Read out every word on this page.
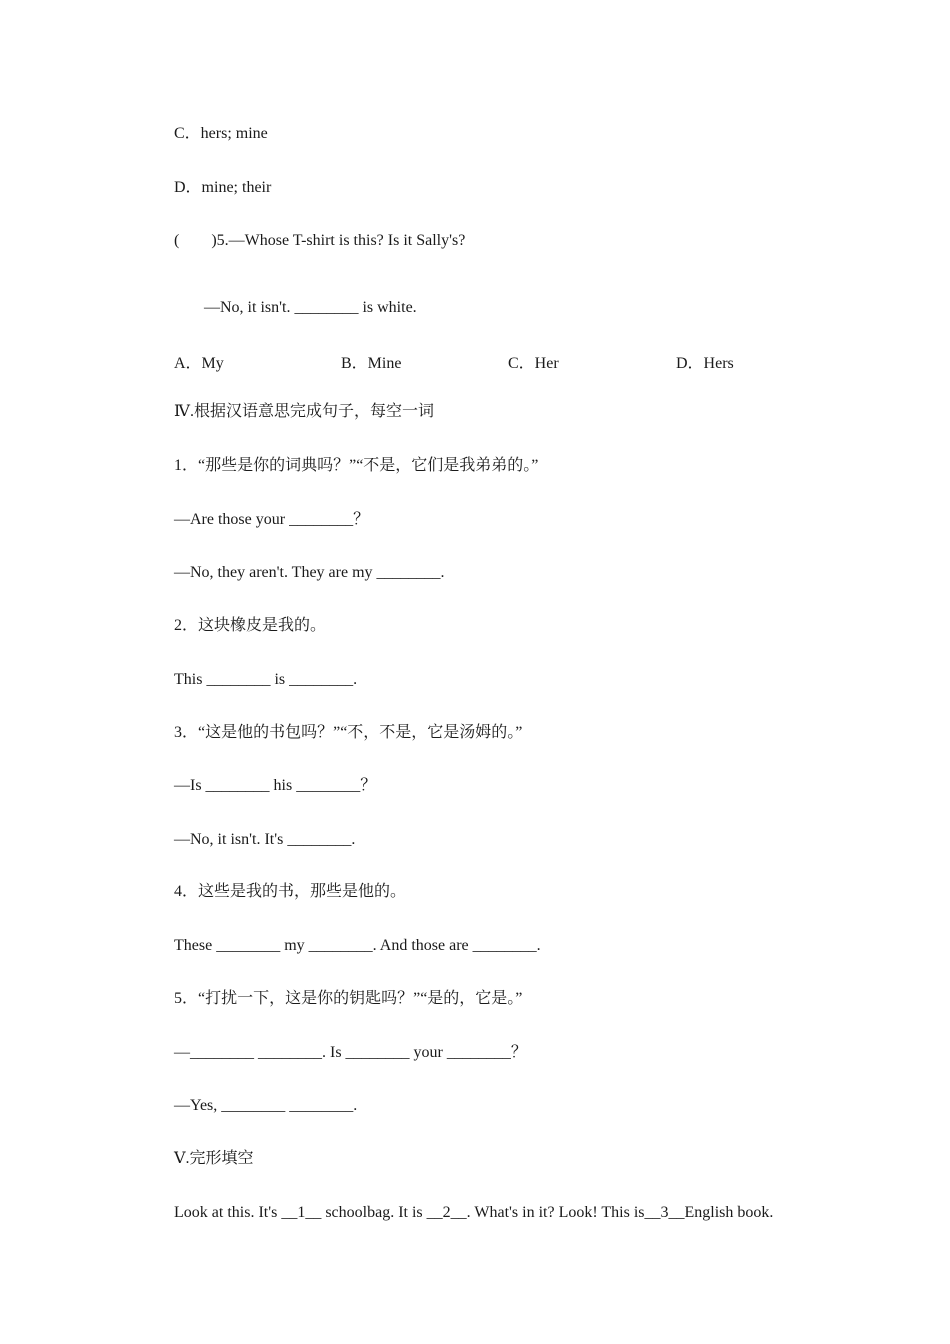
C．hers; mine
D．mine; their
(　　)5.—Whose T-shirt is this? Is it Sally's?
—No, it isn't. ________ is white.
A．My	B．Mine	C．Her	D．Hers
Ⅳ.根据汉语意思完成句子，每空一词
1．“那些是你的词典吗？”“不是，它们是我弟弟的。”
—Are those your ________？
—No, they aren't. They are my ________.
2．这块橡皮是我的。
This ________ is ________.
3．“这是他的书包吗？”“不，不是，它是汤姆的。”
—Is ________ his ________？
—No, it isn't. It's ________.
4．这些是我的书，那些是他的。
These ________ my ________. And those are ________.
5．“打扰一下，这是你的钥匙吗？”“是的，它是。”
—________ ________. Is ________ your ________？
—Yes, ________ ________.
Ⅴ.完形填空
Look at this. It's __1__ schoolbag. It is __2__. What's in it? Look! This is__3__English book.
